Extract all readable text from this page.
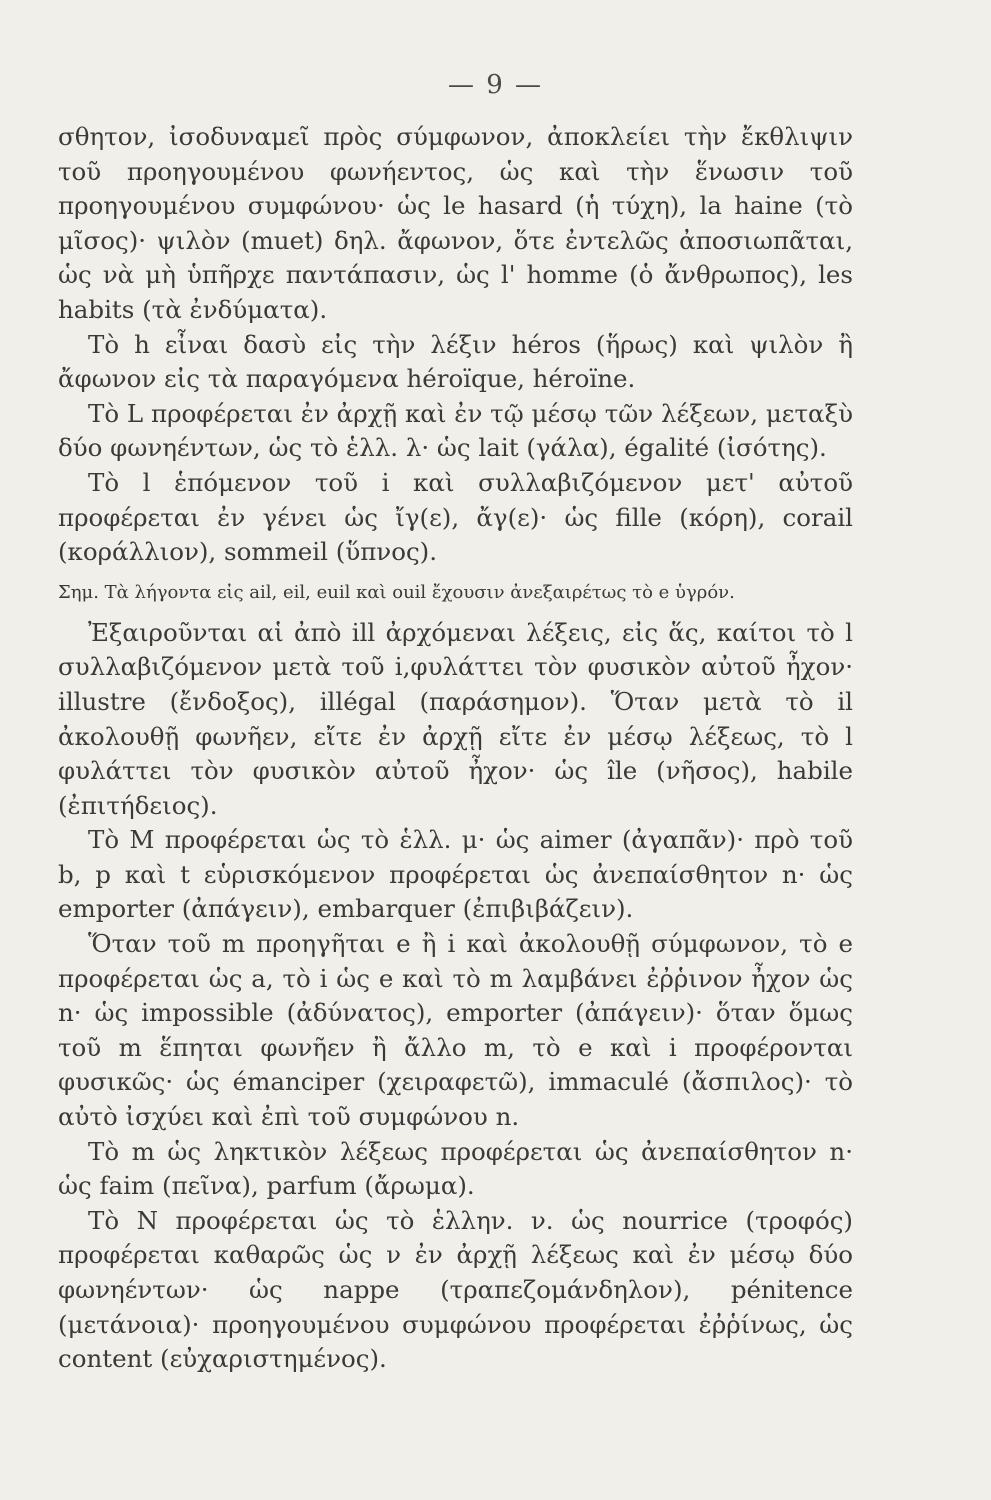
— 9 —

σθητον, ἰσοδυναμεῖ πρὸς σύμφωνον, ἀποκλείει τὴν ἔκθλιψιν τοῦ προηγουμένου φωνήεντος, ὡς καὶ τὴν ἕνωσιν τοῦ προηγουμένου συμφώνου· ὡς le hasard (ἡ τύχη), la haine (τὸ μῖσος)· ψιλὸν (muet) δηλ. ἄφωνον, ὅτε ἐντελῶς ἀποσιωπᾶται, ὡς νὰ μὴ ὑπῆρχε παντάπασιν, ὡς l' homme (ὁ ἄνθρωπος), les habits (τὰ ἐνδύματα).

Τὸ h εἶναι δασὺ εἰς τὴν λέξιν héros (ἥρως) καὶ ψιλὸν ἢ ἄφωνον εἰς τὰ παραγόμενα héroïque, héroïne.

Τὸ L προφέρεται ἐν ἀρχῇ καὶ ἐν τῷ μέσῳ τῶν λέξεων, μεταξὺ δύο φωνηέντων, ὡς τὸ ἑλλ. λ· ὡς lait (γάλα), égalité (ἰσότης).

Τὸ l ἑπόμενον τοῦ i καὶ συλλαβιζόμενον μετ' αὐτοῦ προφέρεται ἐν γένει ὡς ἴγ(ε), ἄγ(ε)· ὡς fille (κόρη), corail (κοράλλιον), sommeil (ὕπνος).

Σημ. Τὰ λήγοντα εἰς ail, eil, euil καὶ ouil ἔχουσιν ἀνεξαιρέτως τὸ e ὑγρόν.

Ἐξαιροῦνται αἱ ἀπὸ ill ἀρχόμεναι λέξεις, εἰς ἅς, καίτοι τὸ l συλλαβιζόμενον μετὰ τοῦ i,φυλάττει τὸν φυσικὸν αὐτοῦ ἦχον· illustre (ἔνδοξος), illégal (παράσημον). Ὅταν μετὰ τὸ il ἀκολουθῇ φωνῆεν, εἴτε ἐν ἀρχῇ εἴτε ἐν μέσῳ λέξεως, τὸ l φυλάττει τὸν φυσικὸν αὐτοῦ ἦχον· ὡς île (νῆσος), habile (ἐπιτήδειος).

Τὸ M προφέρεται ὡς τὸ ἑλλ. μ· ὡς aimer (ἀγαπᾶν)· πρὸ τοῦ b, p καὶ t εὑρισκόμενον προφέρεται ὡς ἀνεπαίσθητον n· ὡς emporter (ἀπάγειν), embarquer (ἐπιβιβάζειν).

Ὅταν τοῦ m προηγῆται e ἢ i καὶ ἀκολουθῇ σύμφωνον, τὸ e προφέρεται ὡς a, τὸ i ὡς e καὶ τὸ m λαμβάνει ἐῤῥινον ἦχον ὡς n· ὡς impossible (ἀδύνατος), emporter (ἀπάγειν)· ὅταν ὅμως τοῦ m ἕπηται φωνῆεν ἢ ἄλλο m, τὸ e καὶ i προφέρονται φυσικῶς· ὡς émanciper (χειραφετῶ), immaculé (ἄσπιλος)· τὸ αὐτὸ ἰσχύει καὶ ἐπὶ τοῦ συμφώνου n.

Τὸ m ὡς ληκτικὸν λέξεως προφέρεται ὡς ἀνεπαίσθητον n· ὡς faim (πεῖνα), parfum (ἄρωμα).

Τὸ N προφέρεται ὡς τὸ ἑλλην. ν. ὡς nourrice (τροφός) προφέρεται καθαρῶς ὡς ν ἐν ἀρχῇ λέξεως καὶ ἐν μέσῳ δύο φωνηέντων· ὡς nappe (τραπεζομάνδηλον), pénitence (μετάνοια)· προηγουμένου συμφώνου προφέρεται ἐῤῥίνως, ὡς content (εὐχαριστημένος).
